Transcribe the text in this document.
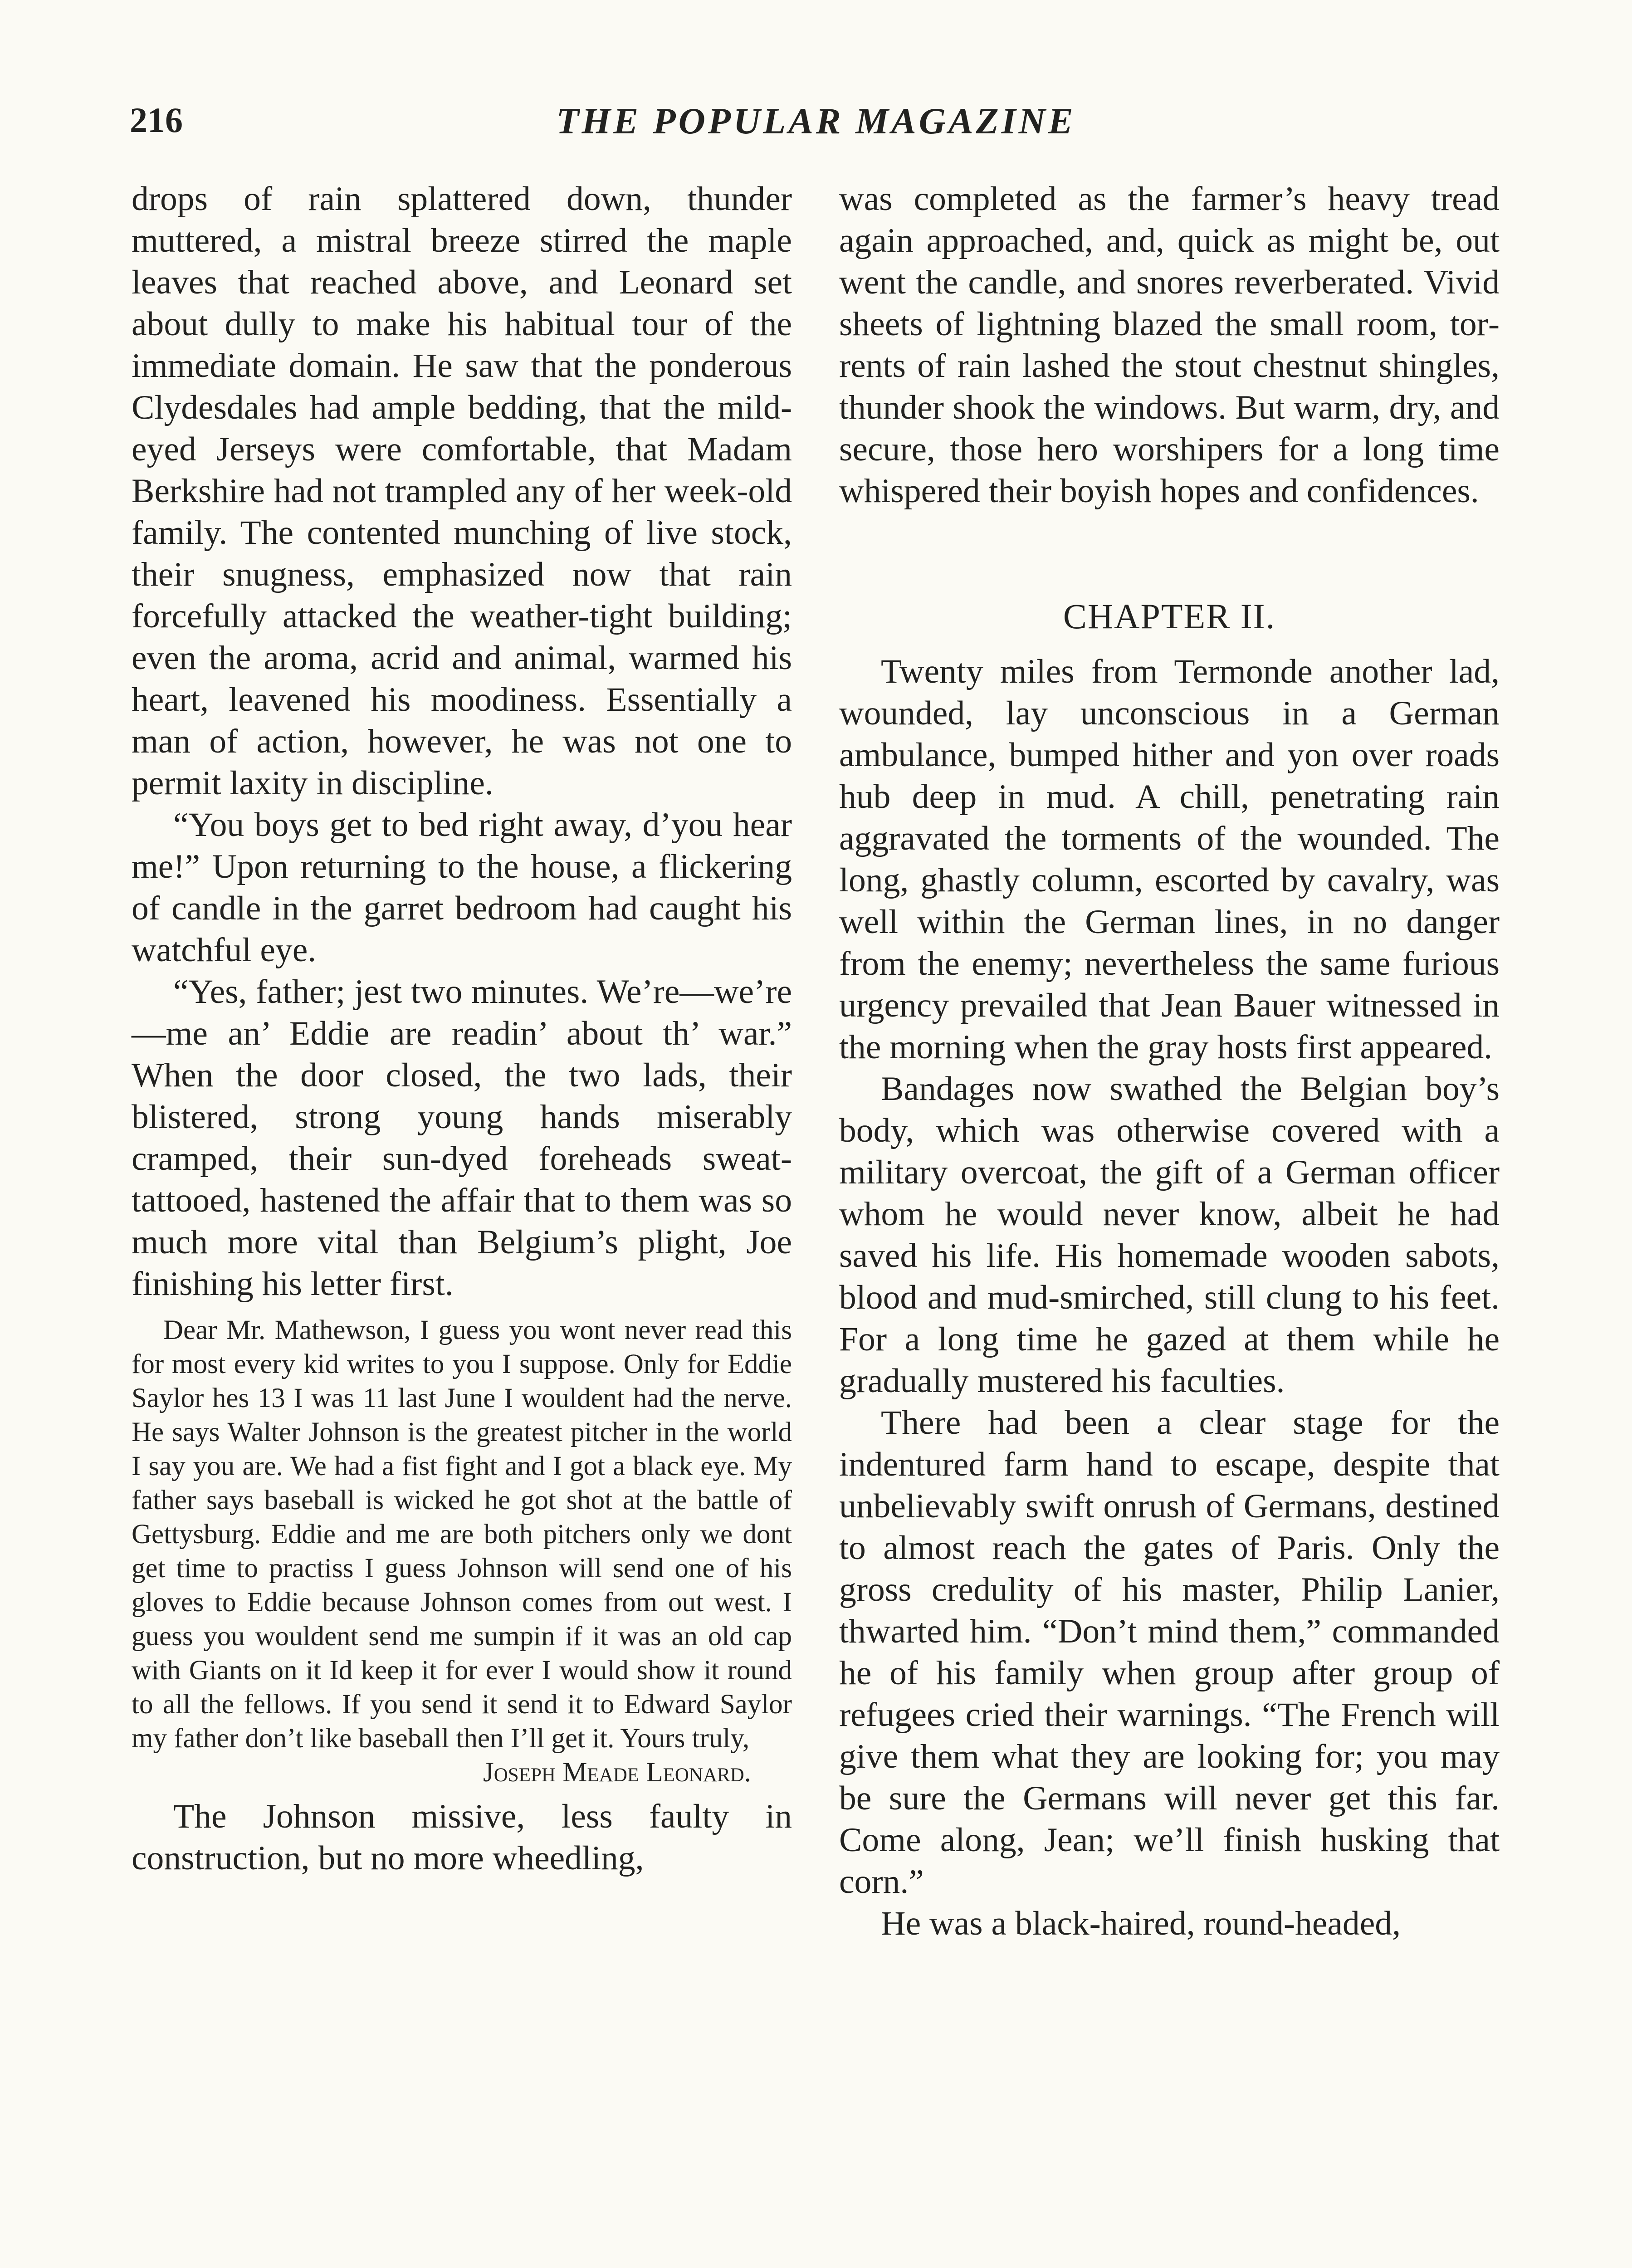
216	THE POPULAR MAGAZINE

drops of rain splattered down, thunder muttered, a mistral breeze stirred the maple leaves that reached above, and Leonard set about dully to make his habitual tour of the immediate domain. He saw that the ponderous Clydesdales had ample bedding, that the mild-eyed Jerseys were comfortable, that Madam Berkshire had not trampled any of her week-old family. The contented munching of live stock, their snugness, emphasized now that rain forcefully attacked the weather-tight building; even the aroma, acrid and animal, warmed his heart, leavened his moodiness. Essentially a man of action, however, he was not one to permit laxity in discipline.

“You boys get to bed right away, d’you hear me!” Upon returning to the house, a flickering of candle in the garret bedroom had caught his watchful eye.

“Yes, father; jest two minutes. We’re—we’re—me an’ Eddie are readin’ about th’ war.” When the door closed, the two lads, their blistered, strong young hands miserably cramped, their sun-dyed foreheads sweat-tattooed, hastened the affair that to them was so much more vital than Belgium’s plight, Joe finishing his letter first.

Dear Mr. Mathewson, I guess you wont never read this for most every kid writes to you I suppose. Only for Eddie Saylor hes 13 I was 11 last June I wouldent had the nerve. He says Walter Johnson is the greatest pitcher in the world I say you are. We had a fist fight and I got a black eye. My father says baseball is wicked he got shot at the battle of Gettysburg. Eddie and me are both pitchers only we dont get time to practiss I guess Johnson will send one of his gloves to Eddie because Johnson comes from out west. I guess you wouldent send me sumpin if it was an old cap with Giants on it Id keep it for ever I would show it round to all the fellows. If you send it send it to Edward Saylor my father don’t like baseball then I’ll get it. Yours truly,

Joseph Meade Leonard.

The Johnson missive, less faulty in construction, but no more wheedling,

was completed as the farmer’s heavy tread again approached, and, quick as might be, out went the candle, and snores reverberated. Vivid sheets of lightning blazed the small room, torrents of rain lashed the stout chestnut shingles, thunder shook the windows. But warm, dry, and secure, those hero worshipers for a long time whispered their boyish hopes and confidences.

CHAPTER II.

Twenty miles from Termonde another lad, wounded, lay unconscious in a German ambulance, bumped hither and yon over roads hub deep in mud. A chill, penetrating rain aggravated the torments of the wounded. The long, ghastly column, escorted by cavalry, was well within the German lines, in no danger from the enemy; nevertheless the same furious urgency prevailed that Jean Bauer witnessed in the morning when the gray hosts first appeared.

Bandages now swathed the Belgian boy’s body, which was otherwise covered with a military overcoat, the gift of a German officer whom he would never know, albeit he had saved his life. His homemade wooden sabots, blood and mud-smirched, still clung to his feet. For a long time he gazed at them while he gradually mustered his faculties.

There had been a clear stage for the indentured farm hand to escape, despite that unbelievably swift onrush of Germans, destined to almost reach the gates of Paris. Only the gross credulity of his master, Philip Lanier, thwarted him. “Don’t mind them,” commanded he of his family when group after group of refugees cried their warnings. “The French will give them what they are looking for; you may be sure the Germans will never get this far. Come along, Jean; we’ll finish husking that corn.”

He was a black-haired, round-headed,
